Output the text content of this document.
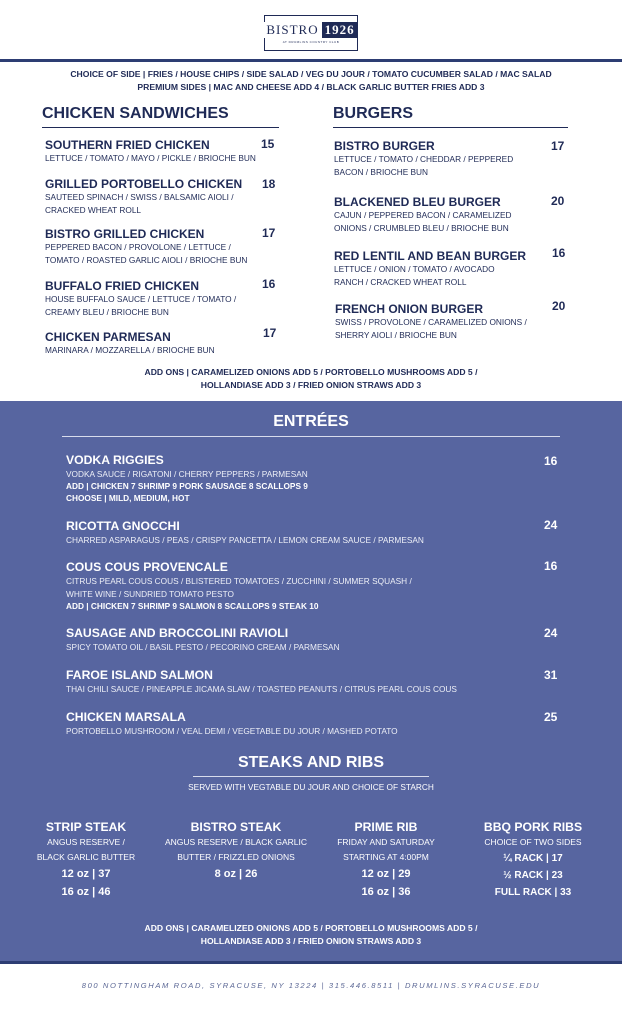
BISTRO 1926
AT DRUMLINS COUNTRY CLUB
CHOICE OF SIDE | FRIES / HOUSE CHIPS / SIDE SALAD / VEG DU JOUR / TOMATO CUCUMBER SALAD / MAC SALAD
PREMIUM SIDES | MAC AND CHEESE ADD 4 / BLACK GARLIC BUTTER FRIES ADD 3
CHICKEN SANDWICHES
SOUTHERN FRIED CHICKEN
LETTUCE / TOMATO / MAYO / PICKLE / BRIOCHE BUN
15
GRILLED PORTOBELLO CHICKEN
SAUTEED SPINACH / SWISS / BALSAMIC AIOLI /
CRACKED WHEAT ROLL
18
BISTRO GRILLED CHICKEN
PEPPERED BACON / PROVOLONE / LETTUCE /
TOMATO / ROASTED GARLIC AIOLI / BRIOCHE BUN
17
BUFFALO FRIED CHICKEN
HOUSE BUFFALO SAUCE / LETTUCE / TOMATO /
CREAMY BLEU / BRIOCHE BUN
16
CHICKEN PARMESAN
MARINARA / MOZZARELLA / BRIOCHE BUN
17
BURGERS
BISTRO BURGER
LETTUCE / TOMATO / CHEDDAR / PEPPERED
BACON / BRIOCHE BUN
17
BLACKENED BLEU BURGER
CAJUN / PEPPERED BACON / CARAMELIZED
ONIONS / CRUMBLED BLEU / BRIOCHE BUN
20
RED LENTIL AND BEAN BURGER
LETTUCE / ONION / TOMATO / AVOCADO
RANCH / CRACKED WHEAT ROLL
16
FRENCH ONION BURGER
SWISS / PROVOLONE / CARAMELIZED ONIONS /
SHERRY AIOLI / BRIOCHE BUN
20
ADD ONS | CARAMELIZED ONIONS ADD 5 / PORTOBELLO MUSHROOMS ADD 5 /
HOLLANDIASE ADD 3 / FRIED ONION STRAWS ADD 3
ENTRÉES
VODKA RIGGIES
VODKA SAUCE / RIGATONI / CHERRY PEPPERS / PARMESAN
ADD | CHICKEN 7 SHRIMP 9 PORK SAUSAGE 8 SCALLOPS 9
CHOOSE | MILD, MEDIUM, HOT
16
RICOTTA GNOCCHI
CHARRED ASPARAGUS / PEAS / CRISPY PANCETTA / LEMON CREAM SAUCE / PARMESAN
24
COUS COUS PROVENCALE
CITRUS PEARL COUS COUS / BLISTERED TOMATOES / ZUCCHINI / SUMMER SQUASH /
WHITE WINE / SUNDRIED TOMATO PESTO
ADD | CHICKEN 7 SHRIMP 9 SALMON 8 SCALLOPS 9 STEAK 10
16
SAUSAGE AND BROCCOLINI RAVIOLI
SPICY TOMATO OIL / BASIL PESTO / PECORINO CREAM / PARMESAN
24
FAROE ISLAND SALMON
THAI CHILI SAUCE / PINEAPPLE JICAMA SLAW / TOASTED PEANUTS / CITRUS PEARL COUS COUS
31
CHICKEN MARSALA
PORTOBELLO MUSHROOM / VEAL DEMI / VEGETABLE DU JOUR / MASHED POTATO
25
STEAKS AND RIBS
SERVED WITH VEGTABLE DU JOUR AND CHOICE OF STARCH
STRIP STEAK
ANGUS RESERVE /
BLACK GARLIC BUTTER
12 oz | 37
16 oz | 46
BISTRO STEAK
ANGUS RESERVE / BLACK GARLIC
BUTTER / FRIZZLED ONIONS
8 oz | 26
PRIME RIB
FRIDAY AND SATURDAY
STARTING AT 4:00PM
12 oz | 29
16 oz | 36
BBQ PORK RIBS
CHOICE OF TWO SIDES
¼ RACK | 17
½ RACK | 23
FULL RACK | 33
ADD ONS | CARAMELIZED ONIONS ADD 5 / PORTOBELLO MUSHROOMS ADD 5 /
HOLLANDIASE ADD 3 / FRIED ONION STRAWS ADD 3
800 NOTTINGHAM ROAD, SYRACUSE, NY 13224 | 315.446.8511 | DRUMLINS.SYRACUSE.EDU
